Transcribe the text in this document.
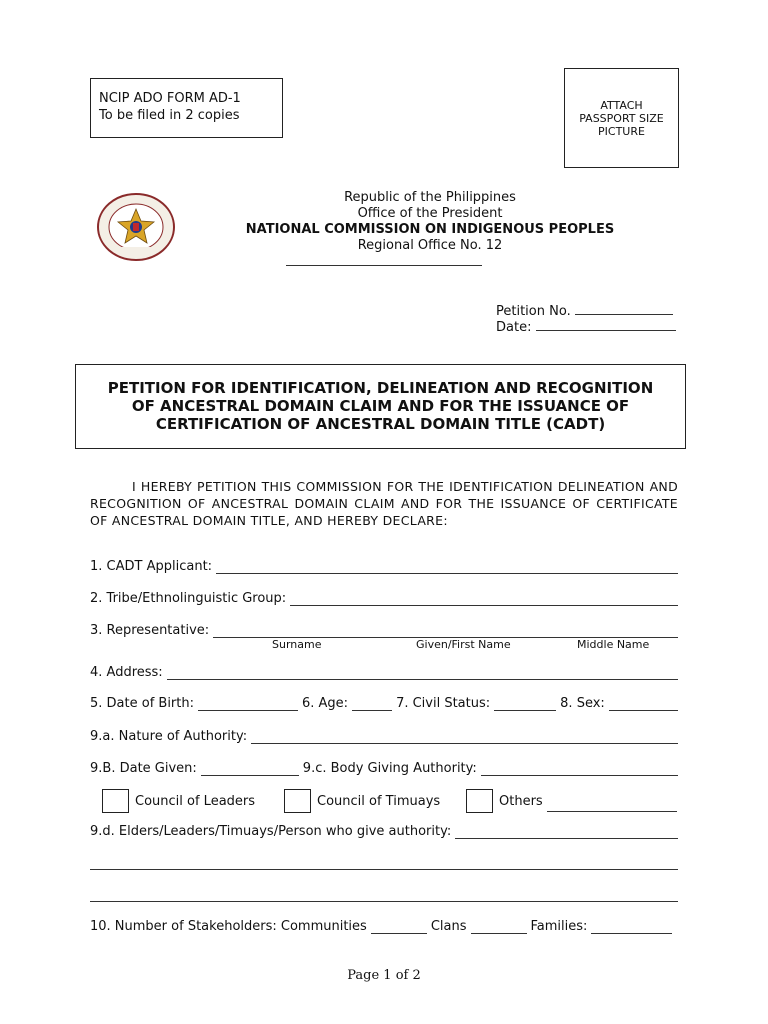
NCIP ADO FORM AD-1
To be filed in 2 copies
ATTACH
PASSPORT SIZE
PICTURE
Republic of the Philippines
Office of the President
NATIONAL COMMISSION ON INDIGENOUS PEOPLES
Regional Office No. 12
Petition No.
Date:
PETITION FOR IDENTIFICATION, DELINEATION AND RECOGNITION
OF ANCESTRAL DOMAIN CLAIM AND FOR THE ISSUANCE OF
CERTIFICATION OF ANCESTRAL DOMAIN TITLE (CADT)
I HEREBY PETITION THIS COMMISSION FOR THE IDENTIFICATION DELINEATION AND RECOGNITION OF ANCESTRAL DOMAIN CLAIM AND FOR THE ISSUANCE OF CERTIFICATE OF ANCESTRAL DOMAIN TITLE, AND HEREBY DECLARE:
1. CADT Applicant:
2. Tribe/Ethnolinguistic Group:
3. Representative:
Surname	Given/First Name	Middle Name
4. Address:
5. Date of Birth:	6. Age:	7. Civil Status:	8. Sex:
9.a. Nature of Authority:
9.B. Date Given:	9.c. Body Giving Authority:
Council of Leaders	Council of Timuays	Others
9.d. Elders/Leaders/Timuays/Person who give authority:
10. Number of Stakeholders: Communities	Clans	Families:
Page 1 of 2
